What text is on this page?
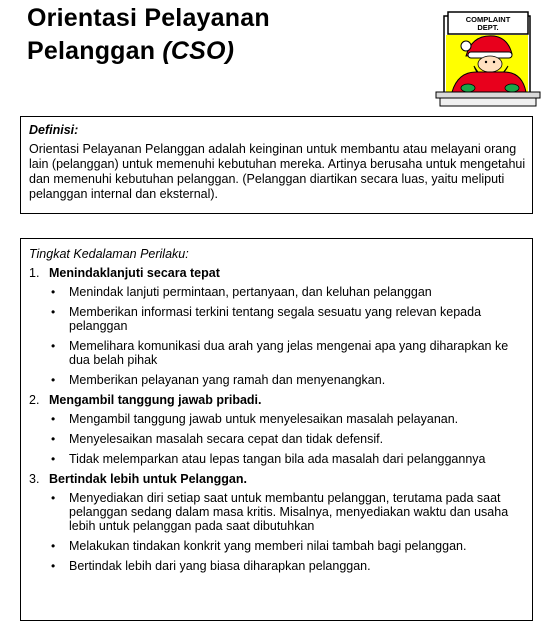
Orientasi Pelayanan
Pelanggan (CSO)
COMPLAINT
DEPT.
Definisi:
Orientasi Pelayanan Pelanggan adalah keinginan untuk membantu atau melayani orang lain (pelanggan) untuk memenuhi kebutuhan mereka. Artinya berusaha untuk mengetahui dan memenuhi kebutuhan pelanggan. (Pelanggan diartikan secara luas, yaitu meliputi pelanggan internal dan eksternal).
Tingkat Kedalaman Perilaku:
1. Menindaklanjuti secara tepat
• Menindak lanjuti permintaan, pertanyaan, dan keluhan pelanggan
• Memberikan informasi terkini tentang segala sesuatu yang relevan kepada pelanggan
• Memelihara komunikasi dua arah yang jelas mengenai apa yang diharapkan ke dua belah pihak
• Memberikan pelayanan yang ramah dan menyenangkan.
2. Mengambil tanggung jawab pribadi.
• Mengambil tanggung jawab untuk menyelesaikan masalah pelayanan.
• Menyelesaikan masalah secara cepat dan tidak defensif.
• Tidak melemparkan atau lepas tangan bila ada masalah dari pelanggannya
3. Bertindak lebih untuk Pelanggan.
• Menyediakan diri setiap saat untuk membantu pelanggan, terutama pada saat pelanggan sedang dalam masa kritis. Misalnya, menyediakan waktu dan usaha lebih untuk pelanggan pada saat dibutuhkan
• Melakukan tindakan konkrit yang memberi nilai tambah bagi pelanggan.
• Bertindak lebih dari yang biasa diharapkan pelanggan.
